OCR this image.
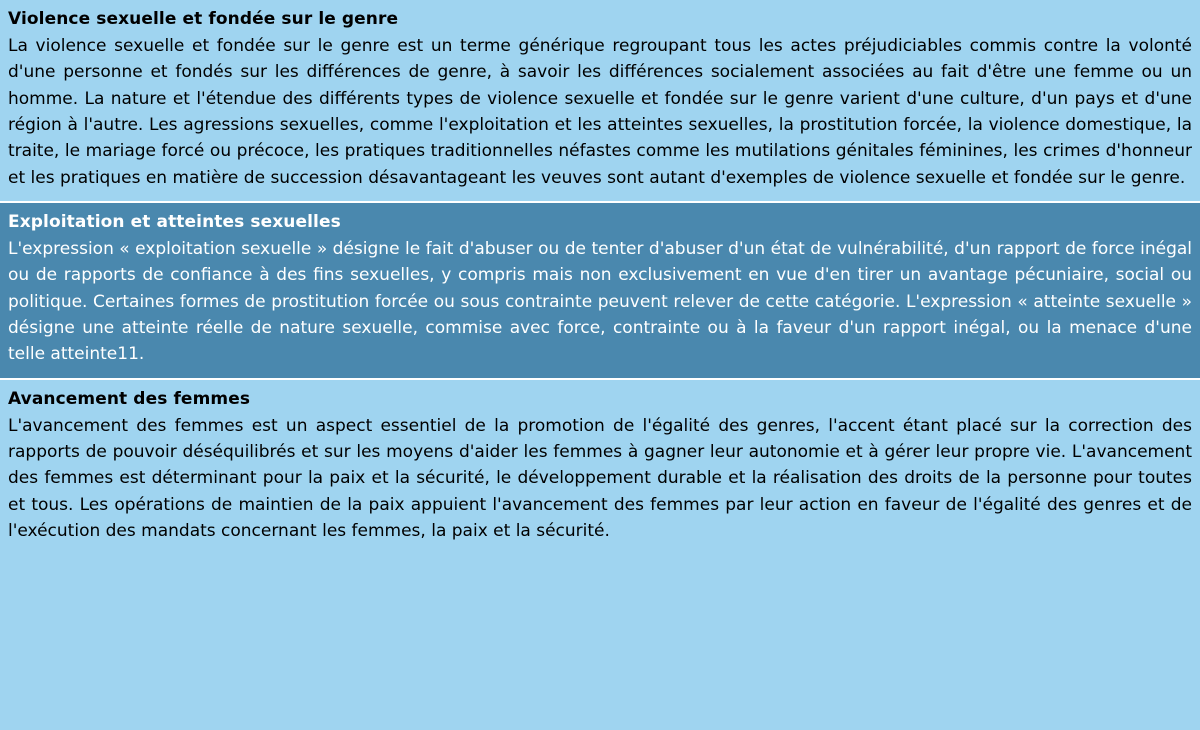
Violence sexuelle et fondée sur le genre

La violence sexuelle et fondée sur le genre est un terme générique regroupant tous les actes préjudiciables commis contre la volonté d'une personne et fondés sur les différences de genre, à savoir les différences socialement associées au fait d'être une femme ou un homme. La nature et l'étendue des différents types de violence sexuelle et fondée sur le genre varient d'une culture, d'un pays et d'une région à l'autre. Les agressions sexuelles, comme l'exploitation et les atteintes sexuelles, la prostitution forcée, la violence domestique, la traite, le mariage forcé ou précoce, les pratiques traditionnelles néfastes comme les mutilations génitales féminines, les crimes d'honneur et les pratiques en matière de succession désavantageant les veuves sont autant d'exemples de violence sexuelle et fondée sur le genre.

Exploitation et atteintes sexuelles

L'expression « exploitation sexuelle » désigne le fait d'abuser ou de tenter d'abuser d'un état de vulnérabilité, d'un rapport de force inégal ou de rapports de confiance à des fins sexuelles, y compris mais non exclusivement en vue d'en tirer un avantage pécuniaire, social ou politique. Certaines formes de prostitution forcée ou sous contrainte peuvent relever de cette catégorie. L'expression « atteinte sexuelle » désigne une atteinte réelle de nature sexuelle, commise avec force, contrainte ou à la faveur d'un rapport inégal, ou la menace d'une telle atteinte11.

Avancement des femmes

L'avancement des femmes est un aspect essentiel de la promotion de l'égalité des genres, l'accent étant placé sur la correction des rapports de pouvoir déséquilibrés et sur les moyens d'aider les femmes à gagner leur autonomie et à gérer leur propre vie. L'avancement des femmes est déterminant pour la paix et la sécurité, le développement durable et la réalisation des droits de la personne pour toutes et tous. Les opérations de maintien de la paix appuient l'avancement des femmes par leur action en faveur de l'égalité des genres et de l'exécution des mandats concernant les femmes, la paix et la sécurité.
